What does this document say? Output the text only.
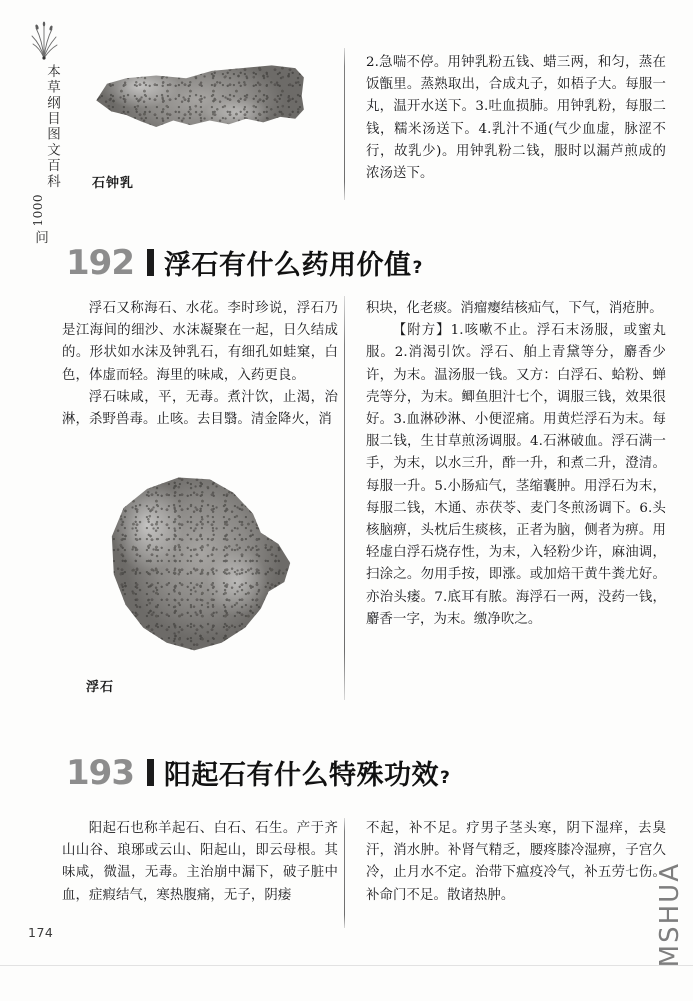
本草纲目图文百科
1000
问
石钟乳

2.急喘不停。用钟乳粉五钱、蜡三两，和匀，蒸在饭甑里。蒸熟取出，合成丸子，如梧子大。每服一丸，温开水送下。3.吐血损肺。用钟乳粉，每服二钱，糯米汤送下。4.乳汁不通(气少血虚，脉涩不行，故乳少)。用钟乳粉二钱，服时以漏芦煎成的浓汤送下。

192 浮石有什么药用价值 ?

浮石又称海石、水花。李时珍说，浮石乃是江海间的细沙、水沫凝聚在一起，日久结成的。形状如水沫及钟乳石，有细孔如蛙窠，白色，体虚而轻。海里的味咸，入药更良。

浮石味咸，平，无毒。煮汁饮，止渴，治淋，杀野兽毒。止咳。去目翳。清金降火，消

积块，化老痰。消瘤瘿结核疝气，下气，消疮肿。

【附方】1.咳嗽不止。浮石末汤服，或蜜丸服。2.消渴引饮。浮石、舶上青黛等分，麝香少许，为末。温汤服一钱。又方：白浮石、蛤粉、蝉壳等分，为末。鲫鱼胆汁七个，调服三钱，效果很好。3.血淋砂淋、小便涩痛。用黄烂浮石为末。每服二钱，生甘草煎汤调服。4.石淋破血。浮石满一手，为末，以水三升，酢一升，和煮二升，澄清。每服一升。5.小肠疝气，茎缩囊肿。用浮石为末，每服二钱，木通、赤茯苓、麦门冬煎汤调下。6.头核脑痹，头枕后生痰核，正者为脑，侧者为痹。用轻虚白浮石烧存性，为末，入轻粉少许，麻油调，扫涂之。勿用手按，即涨。或加焙干黄牛粪尤好。亦治头瘘。7.底耳有脓。海浮石一两，没药一钱，麝香一字，为末。缴净吹之。

浮石
193 阳起石有什么特殊功效 ?

阳起石也称羊起石、白石、石生。产于齐山山谷、琅琊或云山、阳起山，即云母根。其味咸，微温，无毒。主治崩中漏下，破子脏中血，症瘕结气，寒热腹痛，无子，阴痿

不起，补不足。疗男子茎头寒，阴下湿痒，去臭汗，消水肿。补肾气精乏，腰疼膝冷湿痹，子宫久冷，止月水不定。治带下瘟疫冷气，补五劳七伤。补命门不足。散诸热肿。

174	MSHUA
